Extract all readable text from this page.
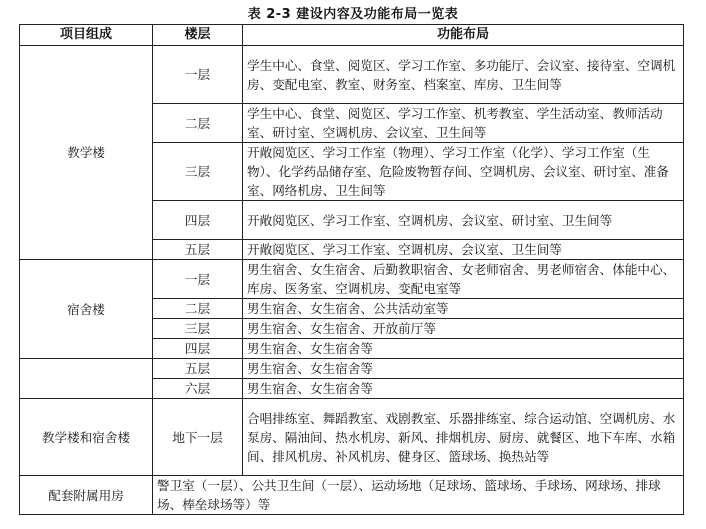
表 2-3 建设内容及功能布局一览表
项目组成	楼层	功能布局
教学楼	一层	学生中心、食堂、阅览区、学习工作室、多功能厅、会议室、接待室、空调机房、变配电室、教室、财务室、档案室、库房、卫生间等
	二层	学生中心、食堂、阅览区、学习工作室、机考教室、学生活动室、教师活动室、研讨室、空调机房、会议室、卫生间等
	三层	开敞阅览区、学习工作室（物理）、学习工作室（化学）、学习工作室（生物）、化学药品储存室、危险废物暂存间、空调机房、会议室、研讨室、准备室、网络机房、卫生间等
	四层	开敞阅览区、学习工作室、空调机房、会议室、研讨室、卫生间等
	五层	开敞阅览区、学习工作室、空调机房、会议室、卫生间等
宿舍楼	一层	男生宿舍、女生宿舍、后勤教职宿舍、女老师宿舍、男老师宿舍、体能中心、库房、医务室、空调机房、变配电室等
	二层	男生宿舍、女生宿舍、公共活动室等
	三层	男生宿舍、女生宿舍、开放前厅等
	四层	男生宿舍、女生宿舍等
	五层	男生宿舍、女生宿舍等
	六层	男生宿舍、女生宿舍等
教学楼和宿舍楼	地下一层	合唱排练室、舞蹈教室、戏剧教室、乐器排练室、综合运动馆、空调机房、水泵房、隔油间、热水机房、新风、排烟机房、厨房、就餐区、地下车库、水箱间、排风机房、补风机房、健身区、篮球场、换热站等
配套附属用房	警卫室（一层）、公共卫生间（一层）、运动场地（足球场、篮球场、手球场、网球场、排球场、棒垒球场等）等	
